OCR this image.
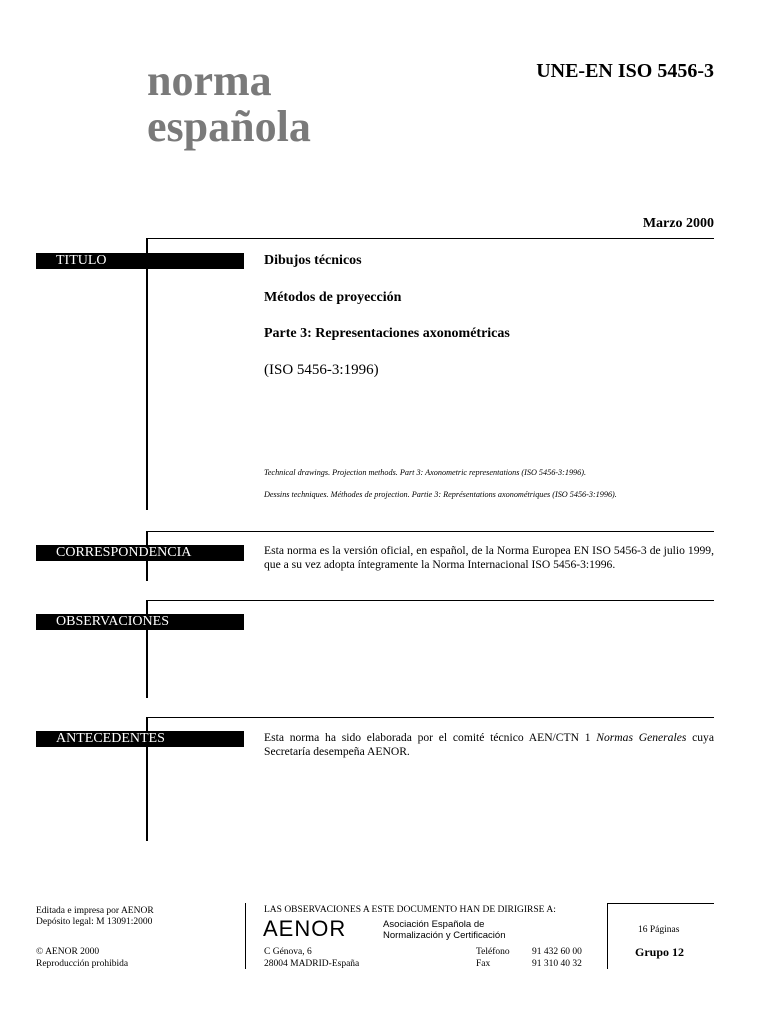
norma
española
UNE-EN ISO 5456-3
Marzo 2000
TITULO	Dibujos técnicos
Métodos de proyección
Parte 3: Representaciones axonométricas
(ISO 5456-3:1996)
Technical drawings. Projection methods. Part 3: Axonometric representations (ISO 5456-3:1996).
Dessins techniques. Méthodes de projection. Partie 3: Représentations axonométriques (ISO 5456-3:1996).
CORRESPONDENCIA	Esta norma es la versión oficial, en español, de la Norma Europea EN ISO 5456-3 de julio 1999, que a su vez adopta íntegramente la Norma Internacional ISO 5456-3:1996.
OBSERVACIONES
ANTECEDENTES	Esta norma ha sido elaborada por el comité técnico AEN/CTN 1 Normas Generales cuya Secretaría desempeña AENOR.
Editada e impresa por AENOR
Depósito legal: M 13091:2000
© AENOR 2000
Reproducción prohibida
LAS OBSERVACIONES A ESTE DOCUMENTO HAN DE DIRIGIRSE A:
AENOR	Asociación Española de
Normalización y Certificación
C Génova, 6
28004 MADRID-España
Teléfono 91 432 60 00
Fax	91 310 40 32
16 Páginas
Grupo 12
